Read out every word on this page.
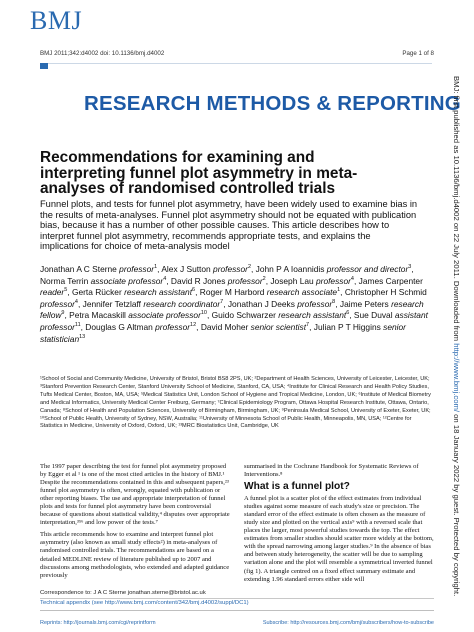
BMJ
BMJ 2011;342:d4002 doi: 10.1136/bmj.d4002	Page 1 of 8
RESEARCH METHODS & REPORTING
Recommendations for examining and interpreting funnel plot asymmetry in meta-analyses of randomised controlled trials
Funnel plots, and tests for funnel plot asymmetry, have been widely used to examine bias in the results of meta-analyses. Funnel plot asymmetry should not be equated with publication bias, because it has a number of other possible causes. This article describes how to interpret funnel plot asymmetry, recommends appropriate tests, and explains the implications for choice of meta-analysis model
Jonathan A C Sterne professor$^1$, Alex J Sutton professor$^2$, John P A Ioannidis professor and director$^3$, Norma Terrin associate professor$^4$, David R Jones professor$^2$, Joseph Lau professor$^4$, James Carpenter reader$^5$, Gerta Rücker research assistant$^6$, Roger M Harbord research associate$^1$, Christopher H Schmid professor$^4$, Jennifer Tetzlaff research coordinator$^7$, Jonathan J Deeks professor$^8$, Jaime Peters research fellow$^9$, Petra Macaskill associate professor$^{10}$, Guido Schwarzer research assistant$^6$, Sue Duval assistant professor$^{11}$, Douglas G Altman professor$^{12}$, David Moher senior scientist$^7$, Julian P T Higgins senior statistician$^{13}$
¹School of Social and Community Medicine, University of Bristol, Bristol BS8 2PS, UK; ²Department of Health Sciences, University of Leicester, Leicester, UK; ³Stanford Prevention Research Center, Stanford University School of Medicine, Stanford, CA, USA; ⁴Institute for Clinical Research and Health Policy Studies, Tufts Medical Center, Boston, MA, USA; ⁵Medical Statistics Unit, London School of Hygiene and Tropical Medicine, London, UK; ⁶Institute of Medical Biometry and Medical Informatics, University Medical Center Freiburg, Germany; ⁷Clinical Epidemiology Program, Ottawa Hospital Research Institute, Ottawa, Ontario, Canada; ⁸School of Health and Population Sciences, University of Birmingham, Birmingham, UK; ⁹Peninsula Medical School, University of Exeter, Exeter, UK; ¹⁰School of Public Health, University of Sydney, NSW, Australia; ¹¹University of Minnesota School of Public Health, Minneapolis, MN, USA; ¹²Centre for Statistics in Medicine, University of Oxford, Oxford, UK; ¹³MRC Biostatistics Unit, Cambridge, UK

The 1997 paper describing the test for funnel plot asymmetry proposed by Egger et al ¹ is one of the most cited articles in the history of BMJ.¹ Despite the recommendations contained in this and subsequent papers,²³ funnel plot asymmetry is often, wrongly, equated with publication or other reporting biases. The use and appropriate interpretation of funnel plots and tests for funnel plot asymmetry have been controversial because of questions about statistical validity,⁴ disputes over appropriate interpretation,³⁵⁶ and low power of the tests.⁷

This article recommends how to examine and interpret funnel plot asymmetry (also known as small study effects²) in meta-analyses of randomised controlled trials. The recommendations are based on a detailed MEDLINE review of literature published up to 2007 and discussions among methodologists, who extended and adapted guidance previously

summarised in the Cochrane Handbook for Systematic Reviews of Interventions.⁸

What is a funnel plot?

A funnel plot is a scatter plot of the effect estimates from individual studies against some measure of each study's size or precision. The standard error of the effect estimate is often chosen as the measure of study size and plotted on the vertical axis⁹ with a reversed scale that places the larger, most powerful studies towards the top. The effect estimates from smaller studies should scatter more widely at the bottom, with the spread narrowing among larger studies.⁹ In the absence of bias and between study heterogeneity, the scatter will be due to sampling variation alone and the plot will resemble a symmetrical inverted funnel (fig 1). A triangle centred on a fixed effect summary estimate and extending 1.96 standard errors either side will

Correspondence to: J A C Sterne jonathan.sterne@bristol.ac.uk
Technical appendix (see http://www.bmj.com/content/342/bmj.d4002/suppl/DC1)
Reprints: http://journals.bmj.com/cgi/reprintform	Subscribe: http://resources.bmj.com/bmj/subscribers/how-to-subscribe
BMJ: first published as 10.1136/bmj.d4002 on 22 July 2011. Downloaded from http://www.bmj.com/ on 18 January 2022 by guest. Protected by copyright.
